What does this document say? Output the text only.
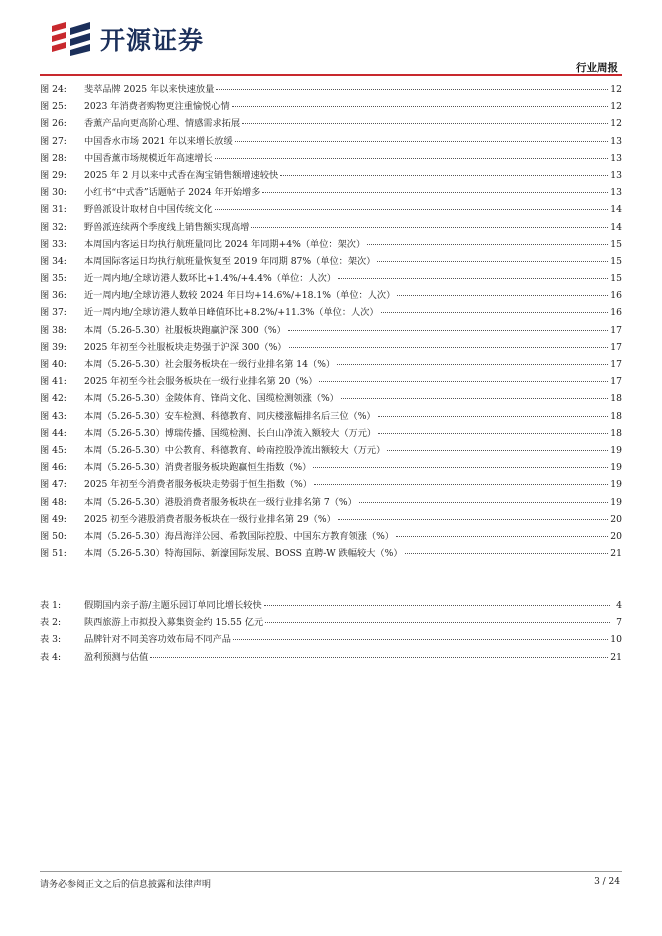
开源证券
行业周报
图 24:	斐萃品牌 2025 年以来快速放量	12
图 25:	2023 年消费者购物更注重愉悦心情	12
图 26:	香薰产品向更高阶心理、情感需求拓展	12
图 27:	中国香水市场 2021 年以来增长放缓	13
图 28:	中国香薰市场规模近年高速增长	13
图 29:	2025 年 2 月以来中式香在淘宝销售额增速较快	13
图 30:	小红书“中式香”话题帖子 2024 年开始增多	13
图 31:	野兽派设计取材自中国传统文化	14
图 32:	野兽派连续两个季度线上销售额实现高增	14
图 33:	本周国内客运日均执行航班量同比 2024 年同期+4%（单位：架次）	15
图 34:	本周国际客运日均执行航班量恢复至 2019 年同期 87%（单位：架次）	15
图 35:	近一周内地/全球访港人数环比+1.4%/+4.4%（单位：人次）	15
图 36:	近一周内地/全球访港人数较 2024 年日均+14.6%/+18.1%（单位：人次）	16
图 37:	近一周内地/全球访港人数单日峰值环比+8.2%/+11.3%（单位：人次）	16
图 38:	本周（5.26-5.30）社服板块跑赢沪深 300（%）	17
图 39:	2025 年初至今社服板块走势强于沪深 300（%）	17
图 40:	本周（5.26-5.30）社会服务板块在一级行业排名第 14（%）	17
图 41:	2025 年初至今社会服务板块在一级行业排名第 20（%）	17
图 42:	本周（5.26-5.30）金陵体育、锋尚文化、国缆检测领涨（%）	18
图 43:	本周（5.26-5.30）安车检测、科德教育、同庆楼涨幅排名后三位（%）	18
图 44:	本周（5.26-5.30）博瑞传播、国缆检测、长白山净流入额较大（万元）	18
图 45:	本周（5.26-5.30）中公教育、科德教育、岭南控股净流出额较大（万元）	19
图 46:	本周（5.26-5.30）消费者服务板块跑赢恒生指数（%）	19
图 47:	2025 年初至今消费者服务板块走势弱于恒生指数（%）	19
图 48:	本周（5.26-5.30）港股消费者服务板块在一级行业排名第 7（%）	19
图 49:	2025 初至今港股消费者服务板块在一级行业排名第 29（%）	20
图 50:	本周（5.26-5.30）海昌海洋公园、希教国际控股、中国东方教育领涨（%）	20
图 51:	本周（5.26-5.30）特海国际、新濠国际发展、BOSS 直聘-W 跌幅较大（%）	21
表 1:	假期国内亲子游/主题乐园订单同比增长较快	4
表 2:	陕西旅游上市拟投入募集资金约 15.55 亿元	7
表 3:	品牌针对不同美容功效布局不同产品	10
表 4:	盈利预测与估值	21
请务必参阅正文之后的信息披露和法律声明	3 / 24
